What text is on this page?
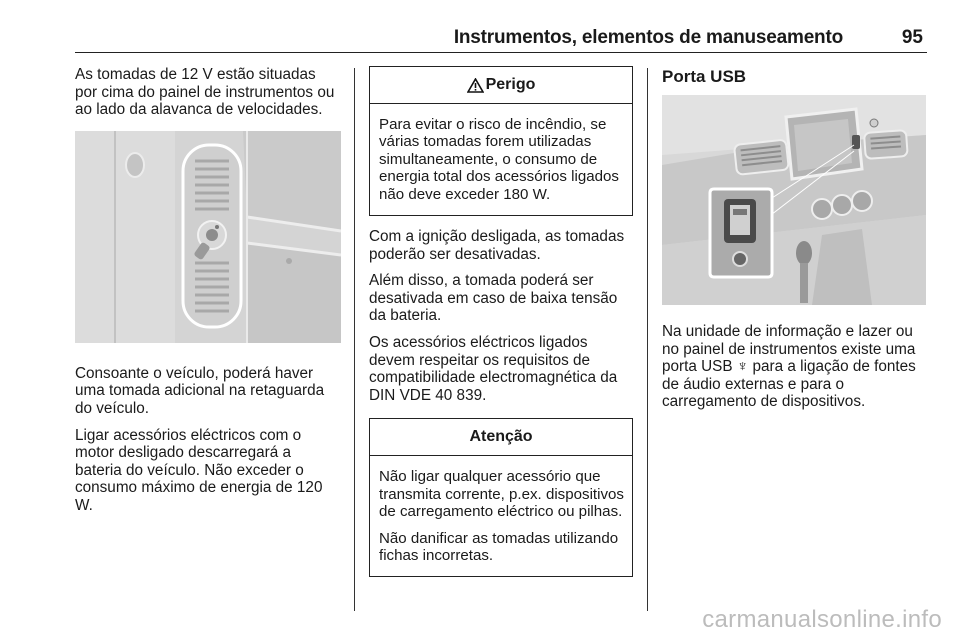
Instrumentos, elementos de manuseamento	95

As tomadas de 12 V estão situadas por cima do painel de instrumentos ou ao lado da alavanca de velocidades.

Consoante o veículo, poderá haver uma tomada adicional na retaguarda do veículo.

Ligar acessórios eléctricos com o motor desligado descarregará a bateria do veículo. Não exceder o consumo máximo de energia de 120 W.

Perigo

Para evitar o risco de incêndio, se várias tomadas forem utilizadas simultaneamente, o consumo de energia total dos acessórios ligados não deve exceder 180 W.

Com a ignição desligada, as tomadas poderão ser desativadas.

Além disso, a tomada poderá ser desativada em caso de baixa tensão da bateria.

Os acessórios eléctricos ligados devem respeitar os requisitos de compatibilidade electromagnética da DIN VDE 40 839.

Atenção

Não ligar qualquer acessório que transmita corrente, p.ex. dispositivos de carregamento eléctrico ou pilhas.

Não danificar as tomadas utilizando fichas incorretas.

Porta USB

Na unidade de informação e lazer ou no painel de instrumentos existe uma porta USB ♆ para a ligação de fontes de áudio externas e para o carregamento de dispositivos.

carmanualsonline.info
